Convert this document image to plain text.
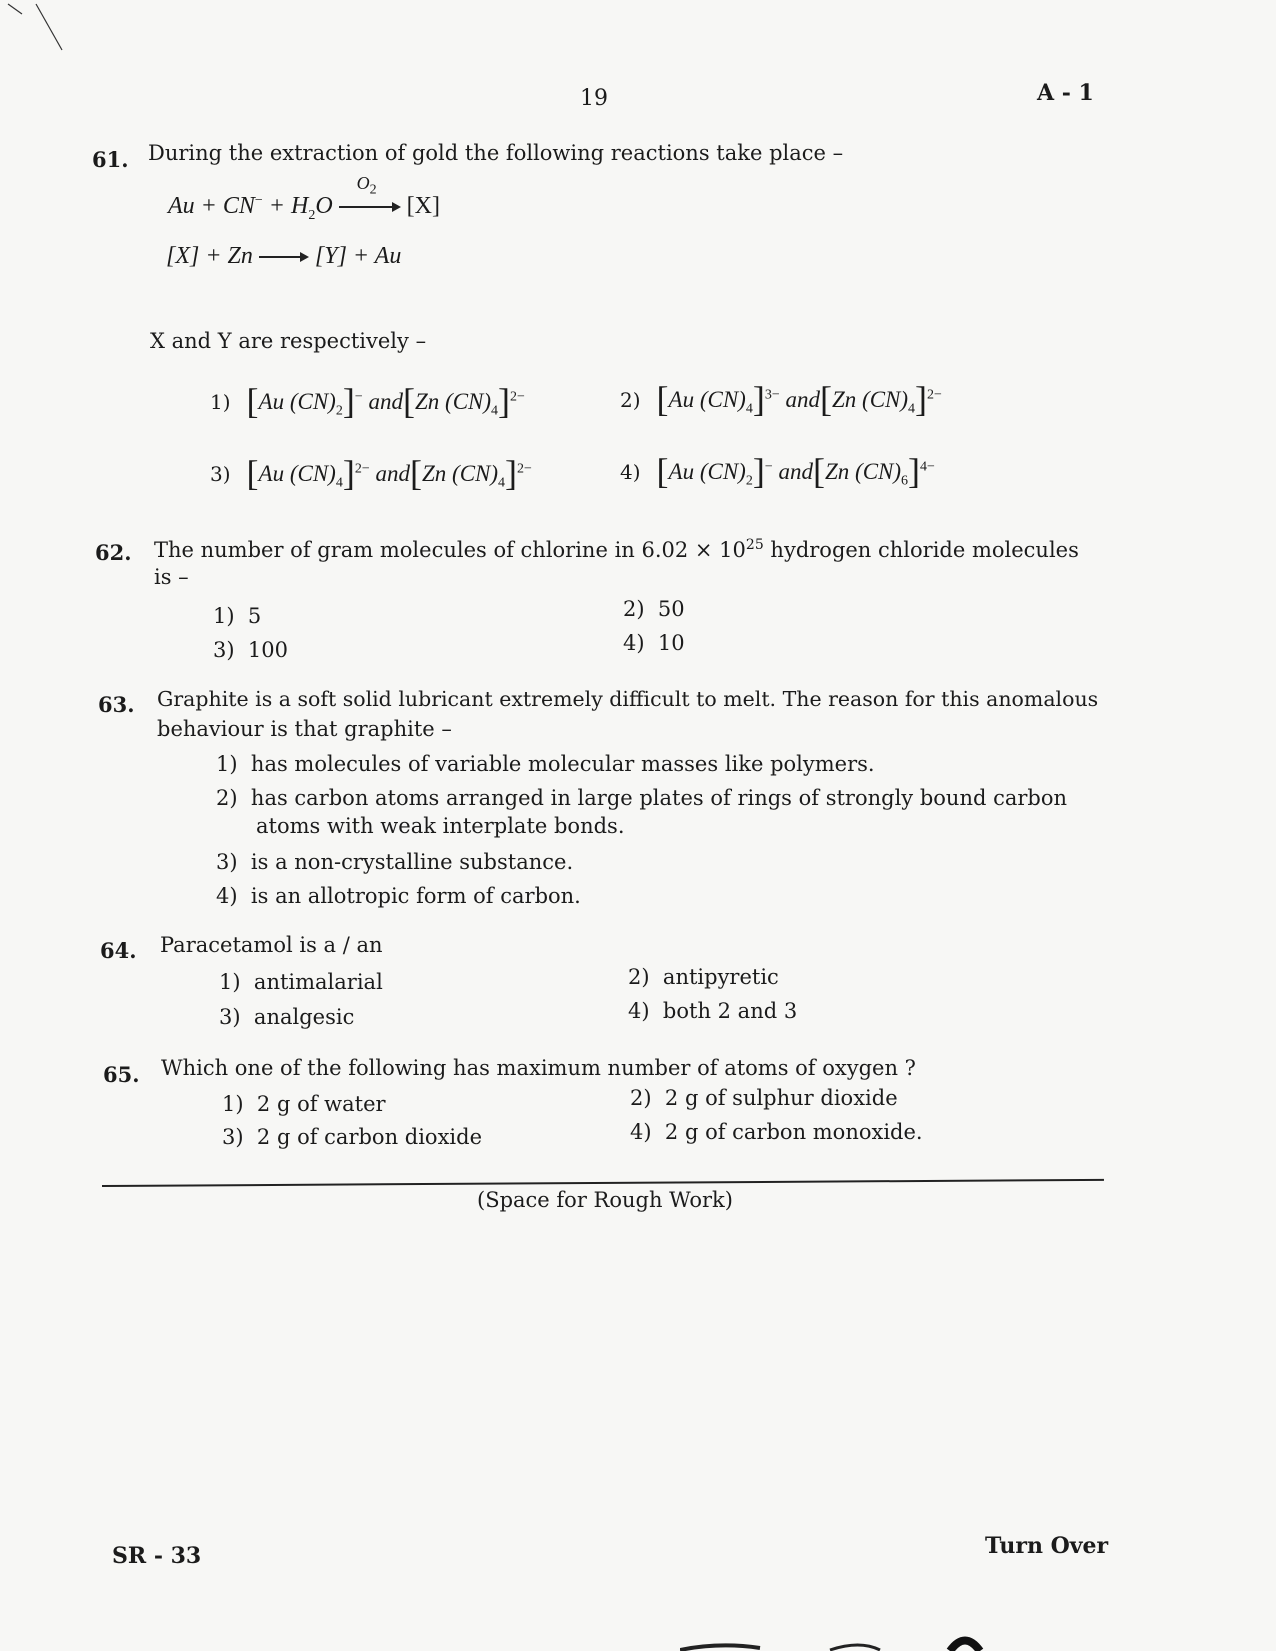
19	A - 1
61. During the extraction of gold the following reactions take place –
$Au + CN^- + H_2O$
$O_2$
[X]
[X] + Zn	[Y] + Au
X and Y are respectively –
1) [Au $(CN)_2]^-$ and[Zn $(CN)_4]^{2-}$	2) [Au $(CN)_4]^{3-}$ and[Zn $(CN)_4]^{2-}$
3) [Au $(CN)_4]^{2-}$ and[Zn $(CN)_4]^{2-}$	4) [Au $(CN)_2]^-$ and[Zn $(CN)_6]^{4-}$
62. The number of gram molecules of chlorine in $6.02 \times 10^{25}$ hydrogen chloride molecules
is –
1) 5	2) 50
3) 100	4) 10
63. Graphite is a soft solid lubricant extremely difficult to melt. The reason for this anomalous
behaviour is that graphite –
1) has molecules of variable molecular masses like polymers.
2) has carbon atoms arranged in large plates of rings of strongly bound carbon
atoms with weak interplate bonds.
3) is a non-crystalline substance.
4) is an allotropic form of carbon.
64. Paracetamol is a / an
1) antimalarial	2) antipyretic
3) analgesic	4) both 2 and 3
65. Which one of the following has maximum number of atoms of oxygen ?
1) 2 g of water	2) 2 g of sulphur dioxide
3) 2 g of carbon dioxide	4) 2 g of carbon monoxide.
(Space for Rough Work)
SR - 33	Turn Over
